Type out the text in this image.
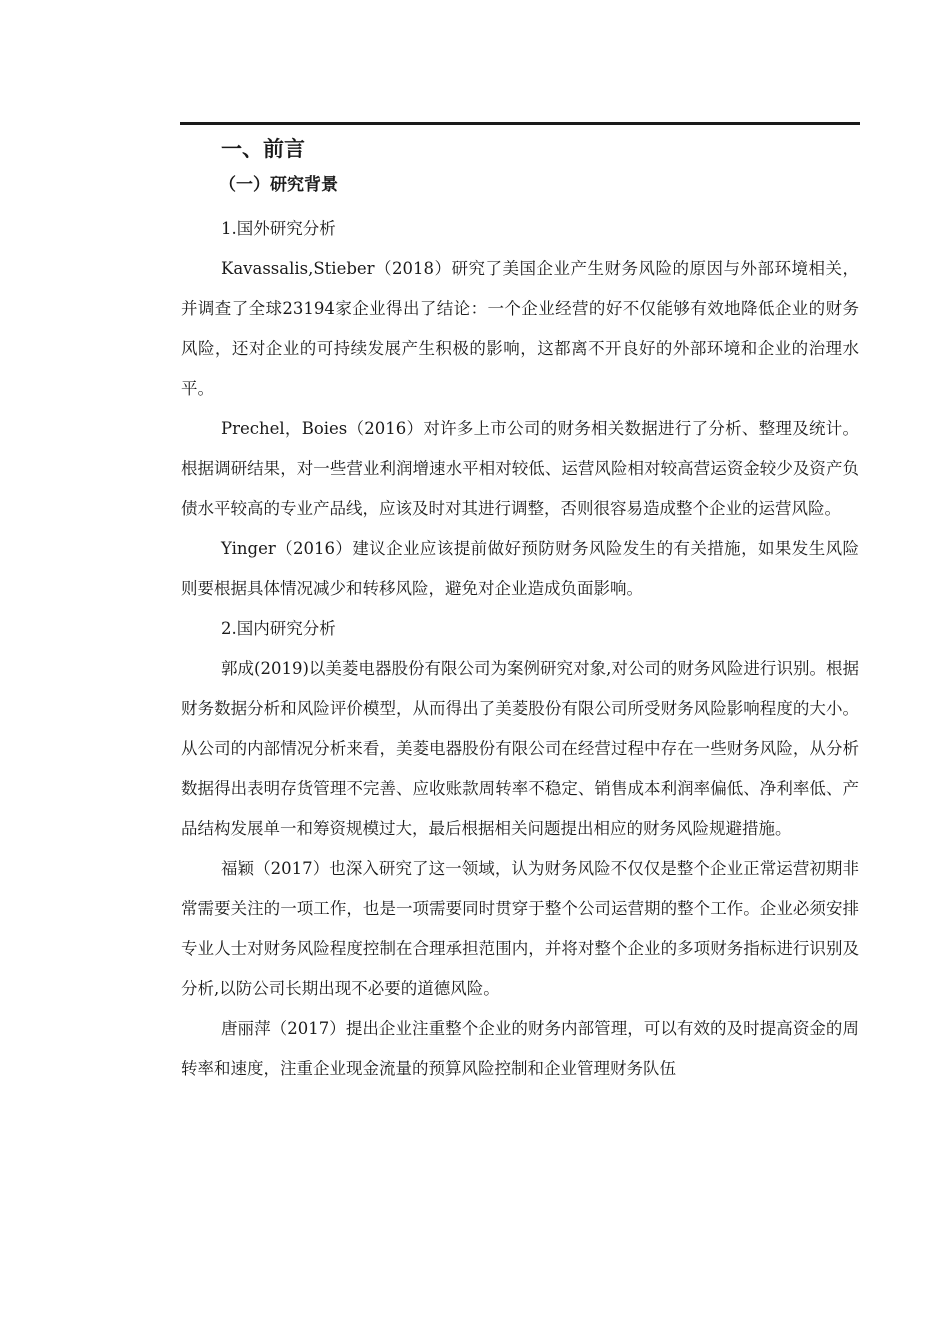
一、前言
（一）研究背景
1.国外研究分析

Kavassalis,Stieber（2018）研究了美国企业产生财务风险的原因与外部环境相关，并调查了全球23194家企业得出了结论：一个企业经营的好不仅能够有效地降低企业的财务风险，还对企业的可持续发展产生积极的影响，这都离不开良好的外部环境和企业的治理水平。

Prechel，Boies（2016）对许多上市公司的财务相关数据进行了分析、整理及统计。根据调研结果，对一些营业利润增速水平相对较低、运营风险相对较高营运资金较少及资产负债水平较高的专业产品线，应该及时对其进行调整，否则很容易造成整个企业的运营风险。

Yinger（2016）建议企业应该提前做好预防财务风险发生的有关措施，如果发生风险则要根据具体情况减少和转移风险，避免对企业造成负面影响。

2.国内研究分析

郭成(2019)以美菱电器股份有限公司为案例研究对象,对公司的财务风险进行识别。根据财务数据分析和风险评价模型，从而得出了美菱股份有限公司所受财务风险影响程度的大小。从公司的内部情况分析来看，美菱电器股份有限公司在经营过程中存在一些财务风险，从分析数据得出表明存货管理不完善、应收账款周转率不稳定、销售成本利润率偏低、净利率低、产品结构发展单一和筹资规模过大，最后根据相关问题提出相应的财务风险规避措施。

福颖（2017）也深入研究了这一领域，认为财务风险不仅仅是整个企业正常运营初期非常需要关注的一项工作，也是一项需要同时贯穿于整个公司运营期的整个工作。企业必须安排专业人士对财务风险程度控制在合理承担范围内，并将对整个企业的多项财务指标进行识别及分析,以防公司长期出现不必要的道德风险。

唐丽萍（2017）提出企业注重整个企业的财务内部管理，可以有效的及时提高资金的周转率和速度，注重企业现金流量的预算风险控制和企业管理财务队伍
